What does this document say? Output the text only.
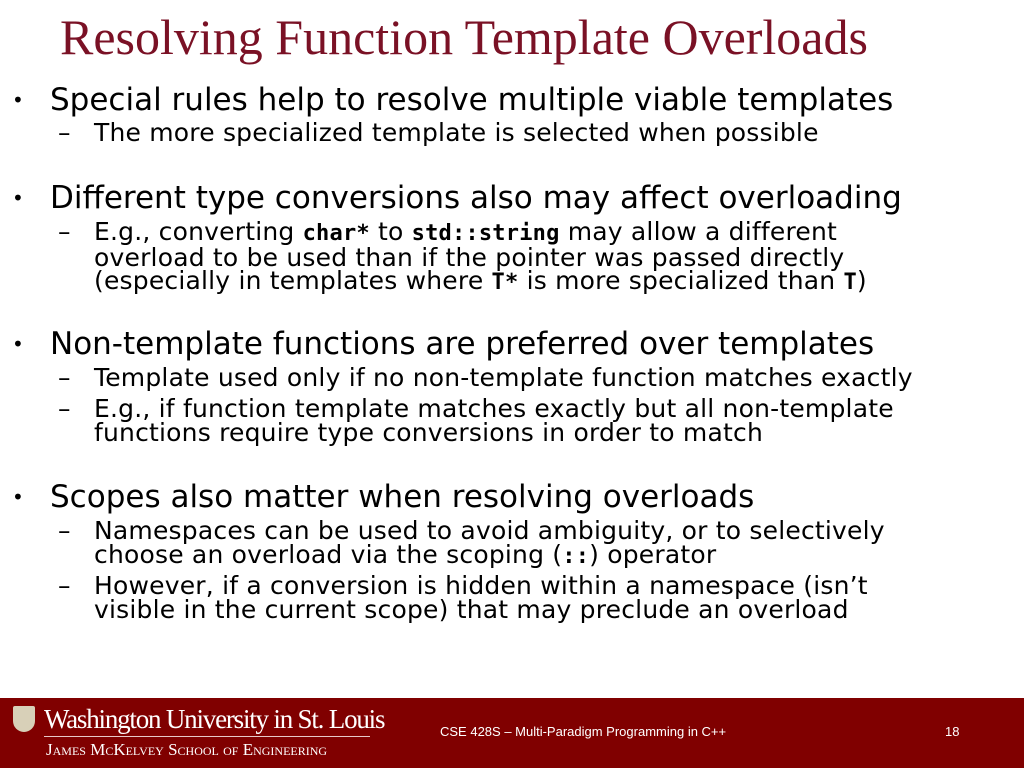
Resolving Function Template Overloads
• Special rules help to resolve multiple viable templates
– The more specialized template is selected when possible
• Different type conversions also may affect overloading
– E.g., converting char* to std::string may allow a different
overload to be used than if the pointer was passed directly
(especially in templates where T* is more specialized than T)
• Non-template functions are preferred over templates
– Template used only if no non-template function matches exactly
– E.g., if function template matches exactly but all non-template
functions require type conversions in order to match
• Scopes also matter when resolving overloads
– Namespaces can be used to avoid ambiguity, or to selectively
choose an overload via the scoping (::) operator
– However, if a conversion is hidden within a namespace (isn’t
visible in the current scope) that may preclude an overload
Washington University in St. Louis
James McKelvey School of Engineering
CSE 428S – Multi-Paradigm Programming in C++	18
